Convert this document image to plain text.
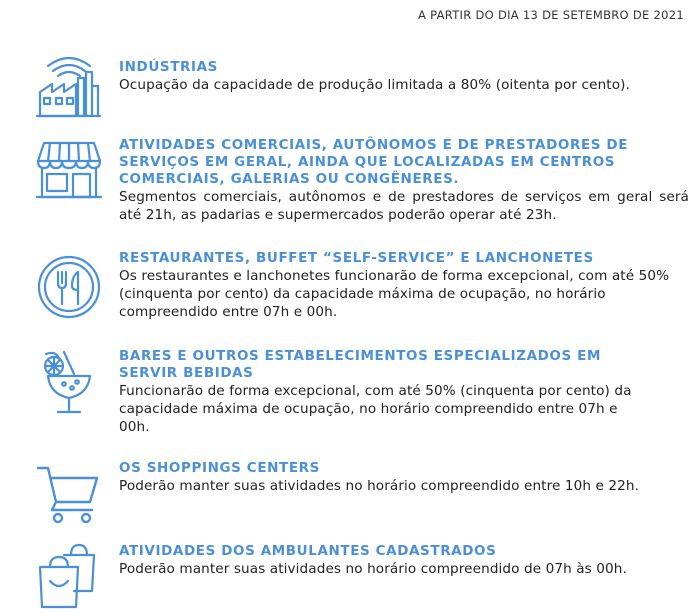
A PARTIR DO DIA 13 DE SETEMBRO DE 2021
INDÚSTRIAS
Ocupação da capacidade de produção limitada a 80% (oitenta por cento).
ATIVIDADES COMERCIAIS, AUTÔNOMOS E DE PRESTADORES DE SERVIÇOS EM GERAL, AINDA QUE LOCALIZADAS EM CENTROS COMERCIAIS, GALERIAS OU CONGÊNERES.
Segmentos comerciais, autônomos e de prestadores de serviços em geral será até 21h, as padarias e supermercados poderão operar até 23h.
RESTAURANTES, BUFFET “SELF-SERVICE” E LANCHONETES
Os restaurantes e lanchonetes funcionarão de forma excepcional, com até 50% (cinquenta por cento) da capacidade máxima de ocupação, no horário compreendido entre 07h e 00h.
BARES E OUTROS ESTABELECIMENTOS ESPECIALIZADOS EM SERVIR BEBIDAS
Funcionarão de forma excepcional, com até 50% (cinquenta por cento) da capacidade máxima de ocupação, no horário compreendido entre 07h e 00h.
OS SHOPPINGS CENTERS
Poderão manter suas atividades no horário compreendido entre 10h e 22h.
ATIVIDADES DOS AMBULANTES CADASTRADOS
Poderão manter suas atividades no horário compreendido de 07h às 00h.
